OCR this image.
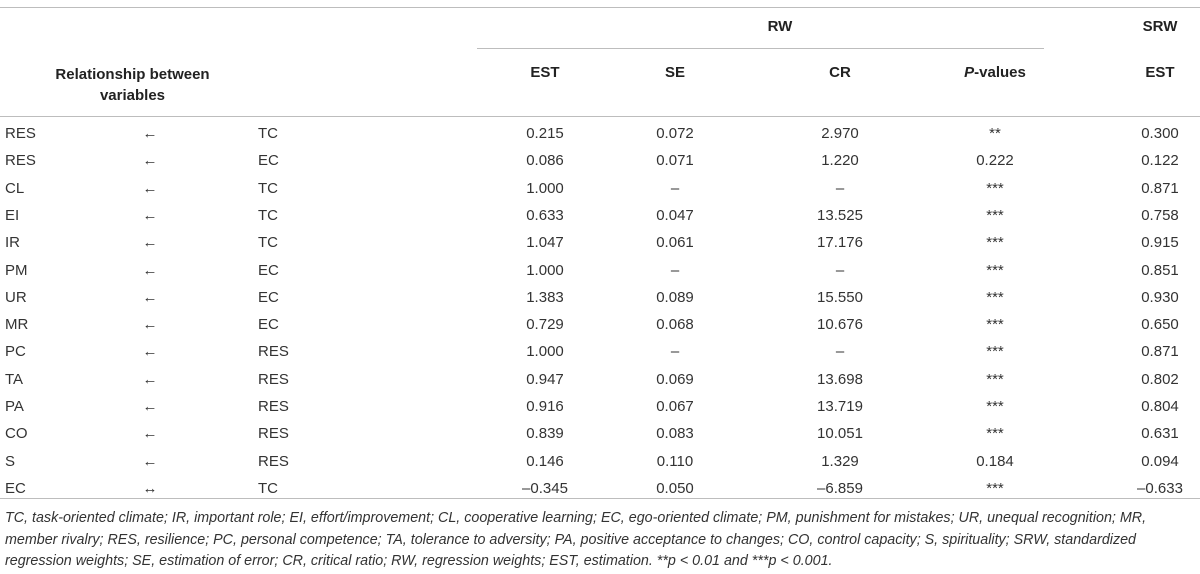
RW	SRW
Relationship between variables
EST	SE	CR	P-values	EST
RES	←	TC	0.215	0.072	2.970	**	0.300
RES	←	EC	0.086	0.071	1.220	0.222	0.122
CL	←	TC	1.000	–	–	***	0.871
EI	←	TC	0.633	0.047	13.525	***	0.758
IR	←	TC	1.047	0.061	17.176	***	0.915
PM	←	EC	1.000	–	–	***	0.851
UR	←	EC	1.383	0.089	15.550	***	0.930
MR	←	EC	0.729	0.068	10.676	***	0.650
PC	←	RES	1.000	–	–	***	0.871
TA	←	RES	0.947	0.069	13.698	***	0.802
PA	←	RES	0.916	0.067	13.719	***	0.804
CO	←	RES	0.839	0.083	10.051	***	0.631
S	←	RES	0.146	0.110	1.329	0.184	0.094
EC	↔	TC	–0.345	0.050	–6.859	***	–0.633
TC, task-oriented climate; IR, important role; EI, effort/improvement; CL, cooperative learning; EC, ego-oriented climate; PM, punishment for mistakes; UR, unequal recognition; MR, member rivalry; RES, resilience; PC, personal competence; TA, tolerance to adversity; PA, positive acceptance to changes; CO, control capacity; S, spirituality; SRW, standardized regression weights; SE, estimation of error; CR, critical ratio; RW, regression weights; EST, estimation. **p < 0.01 and ***p < 0.001.
